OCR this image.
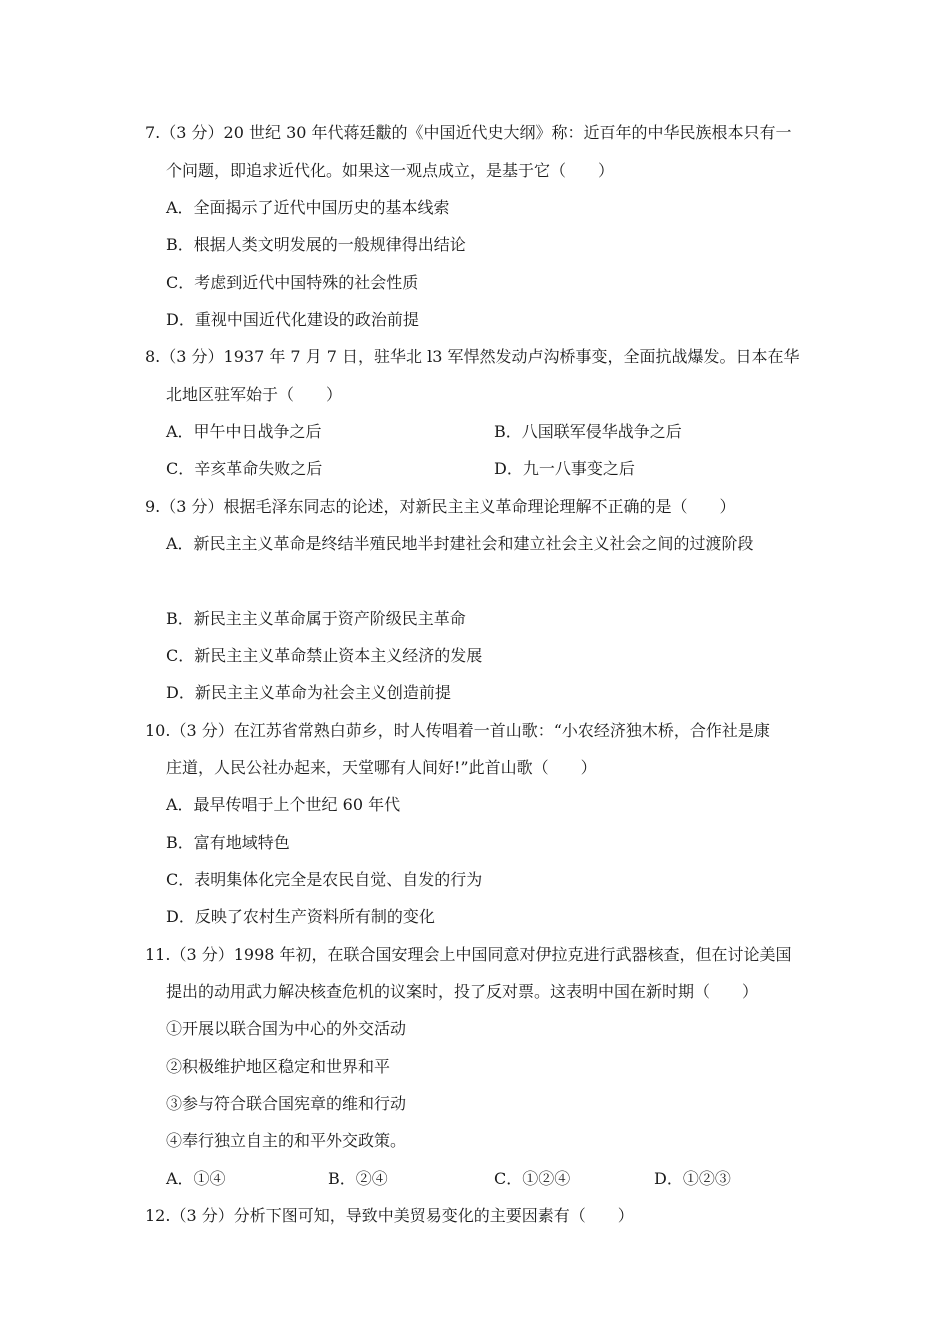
7.（3 分）20 世纪 30 年代蒋廷黻的《中国近代史大纲》称：近百年的中华民族根本只有一
个问题，即追求近代化。如果这一观点成立，是基于它（　　）
A．全面揭示了近代中国历史的基本线索
B．根据人类文明发展的一般规律得出结论
C．考虑到近代中国特殊的社会性质
D．重视中国近代化建设的政治前提
8.（3 分）1937 年 7 月 7 日，驻华北 l3 军悍然发动卢沟桥事变，全面抗战爆发。日本在华
北地区驻军始于（　　）
A．甲午中日战争之后	B．八国联军侵华战争之后
C．辛亥革命失败之后	D．九一八事变之后
9.（3 分）根据毛泽东同志的论述，对新民主主义革命理论理解不正确的是（　　）
A．新民主主义革命是终结半殖民地半封建社会和建立社会主义社会之间的过渡阶段
B．新民主主义革命属于资产阶级民主革命
C．新民主主义革命禁止资本主义经济的发展
D．新民主主义革命为社会主义创造前提
10.（3 分）在江苏省常熟白茆乡，时人传唱着一首山歌：“小农经济独木桥，合作社是康
庄道，人民公社办起来，天堂哪有人间好!”此首山歌（　　）
A．最早传唱于上个世纪 60 年代
B．富有地域特色
C．表明集体化完全是农民自觉、自发的行为
D．反映了农村生产资料所有制的变化
11.（3 分）1998 年初，在联合国安理会上中国同意对伊拉克进行武器核查，但在讨论美国
提出的动用武力解决核查危机的议案时，投了反对票。这表明中国在新时期（　　）
①开展以联合国为中心的外交活动
②积极维护地区稳定和世界和平
③参与符合联合国宪章的维和行动
④奉行独立自主的和平外交政策。
A．①④	B．②④	C．①②④	D．①②③
12.（3 分）分析下图可知，导致中美贸易变化的主要因素有（　　）
